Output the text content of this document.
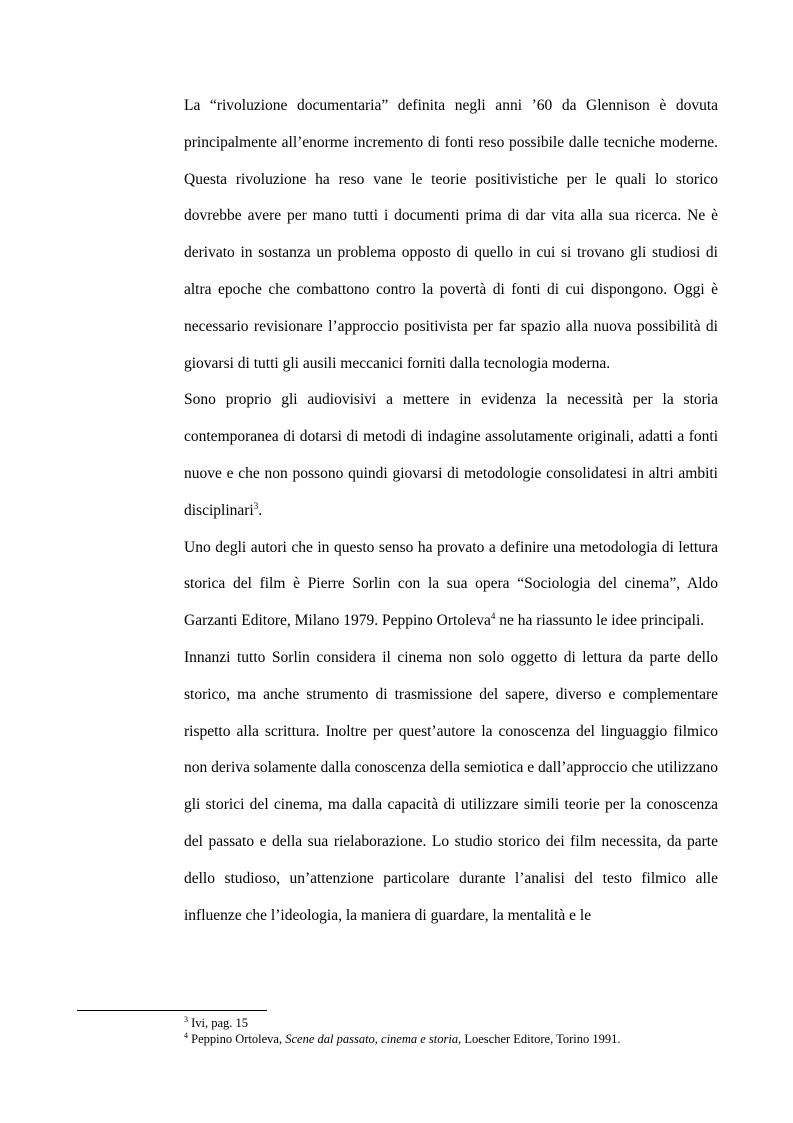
La “rivoluzione documentaria” definita negli anni ’60 da Glennison è dovuta principalmente all’enorme incremento di fonti reso possibile dalle tecniche moderne. Questa rivoluzione ha reso vane le teorie positivistiche per le quali lo storico dovrebbe avere per mano tutti i documenti prima di dar vita alla sua ricerca. Ne è derivato in sostanza un problema opposto di quello in cui si trovano gli studiosi di altra epoche che combattono contro la povertà di fonti di cui dispongono. Oggi è necessario revisionare l’approccio positivista per far spazio alla nuova possibilità di giovarsi di tutti gli ausili meccanici forniti dalla tecnologia moderna.

Sono proprio gli audiovisivi a mettere in evidenza la necessità per la storia contemporanea di dotarsi di metodi di indagine assolutamente originali, adatti a fonti nuove e che non possono quindi giovarsi di metodologie consolidatesi in altri ambiti disciplinari$^3$.

Uno degli autori che in questo senso ha provato a definire una metodologia di lettura storica del film è Pierre Sorlin con la sua opera “Sociologia del cinema”, Aldo Garzanti Editore, Milano 1979. Peppino Ortoleva$^4$ ne ha riassunto le idee principali.

Innanzi tutto Sorlin considera il cinema non solo oggetto di lettura da parte dello storico, ma anche strumento di trasmissione del sapere, diverso e complementare rispetto alla scrittura. Inoltre per quest’autore la conoscenza del linguaggio filmico non deriva solamente dalla conoscenza della semiotica e dall’approccio che utilizzano gli storici del cinema, ma dalla capacità di utilizzare simili teorie per la conoscenza del passato e della sua rielaborazione. Lo studio storico dei film necessita, da parte dello studioso, un’attenzione particolare durante l’analisi del testo filmico alle influenze che l’ideologia, la maniera di guardare, la mentalità e le

$^3$ Ivi, pag. 15

$^4$ Peppino Ortoleva, Scene dal passato, cinema e storia, Loescher Editore, Torino 1991.
